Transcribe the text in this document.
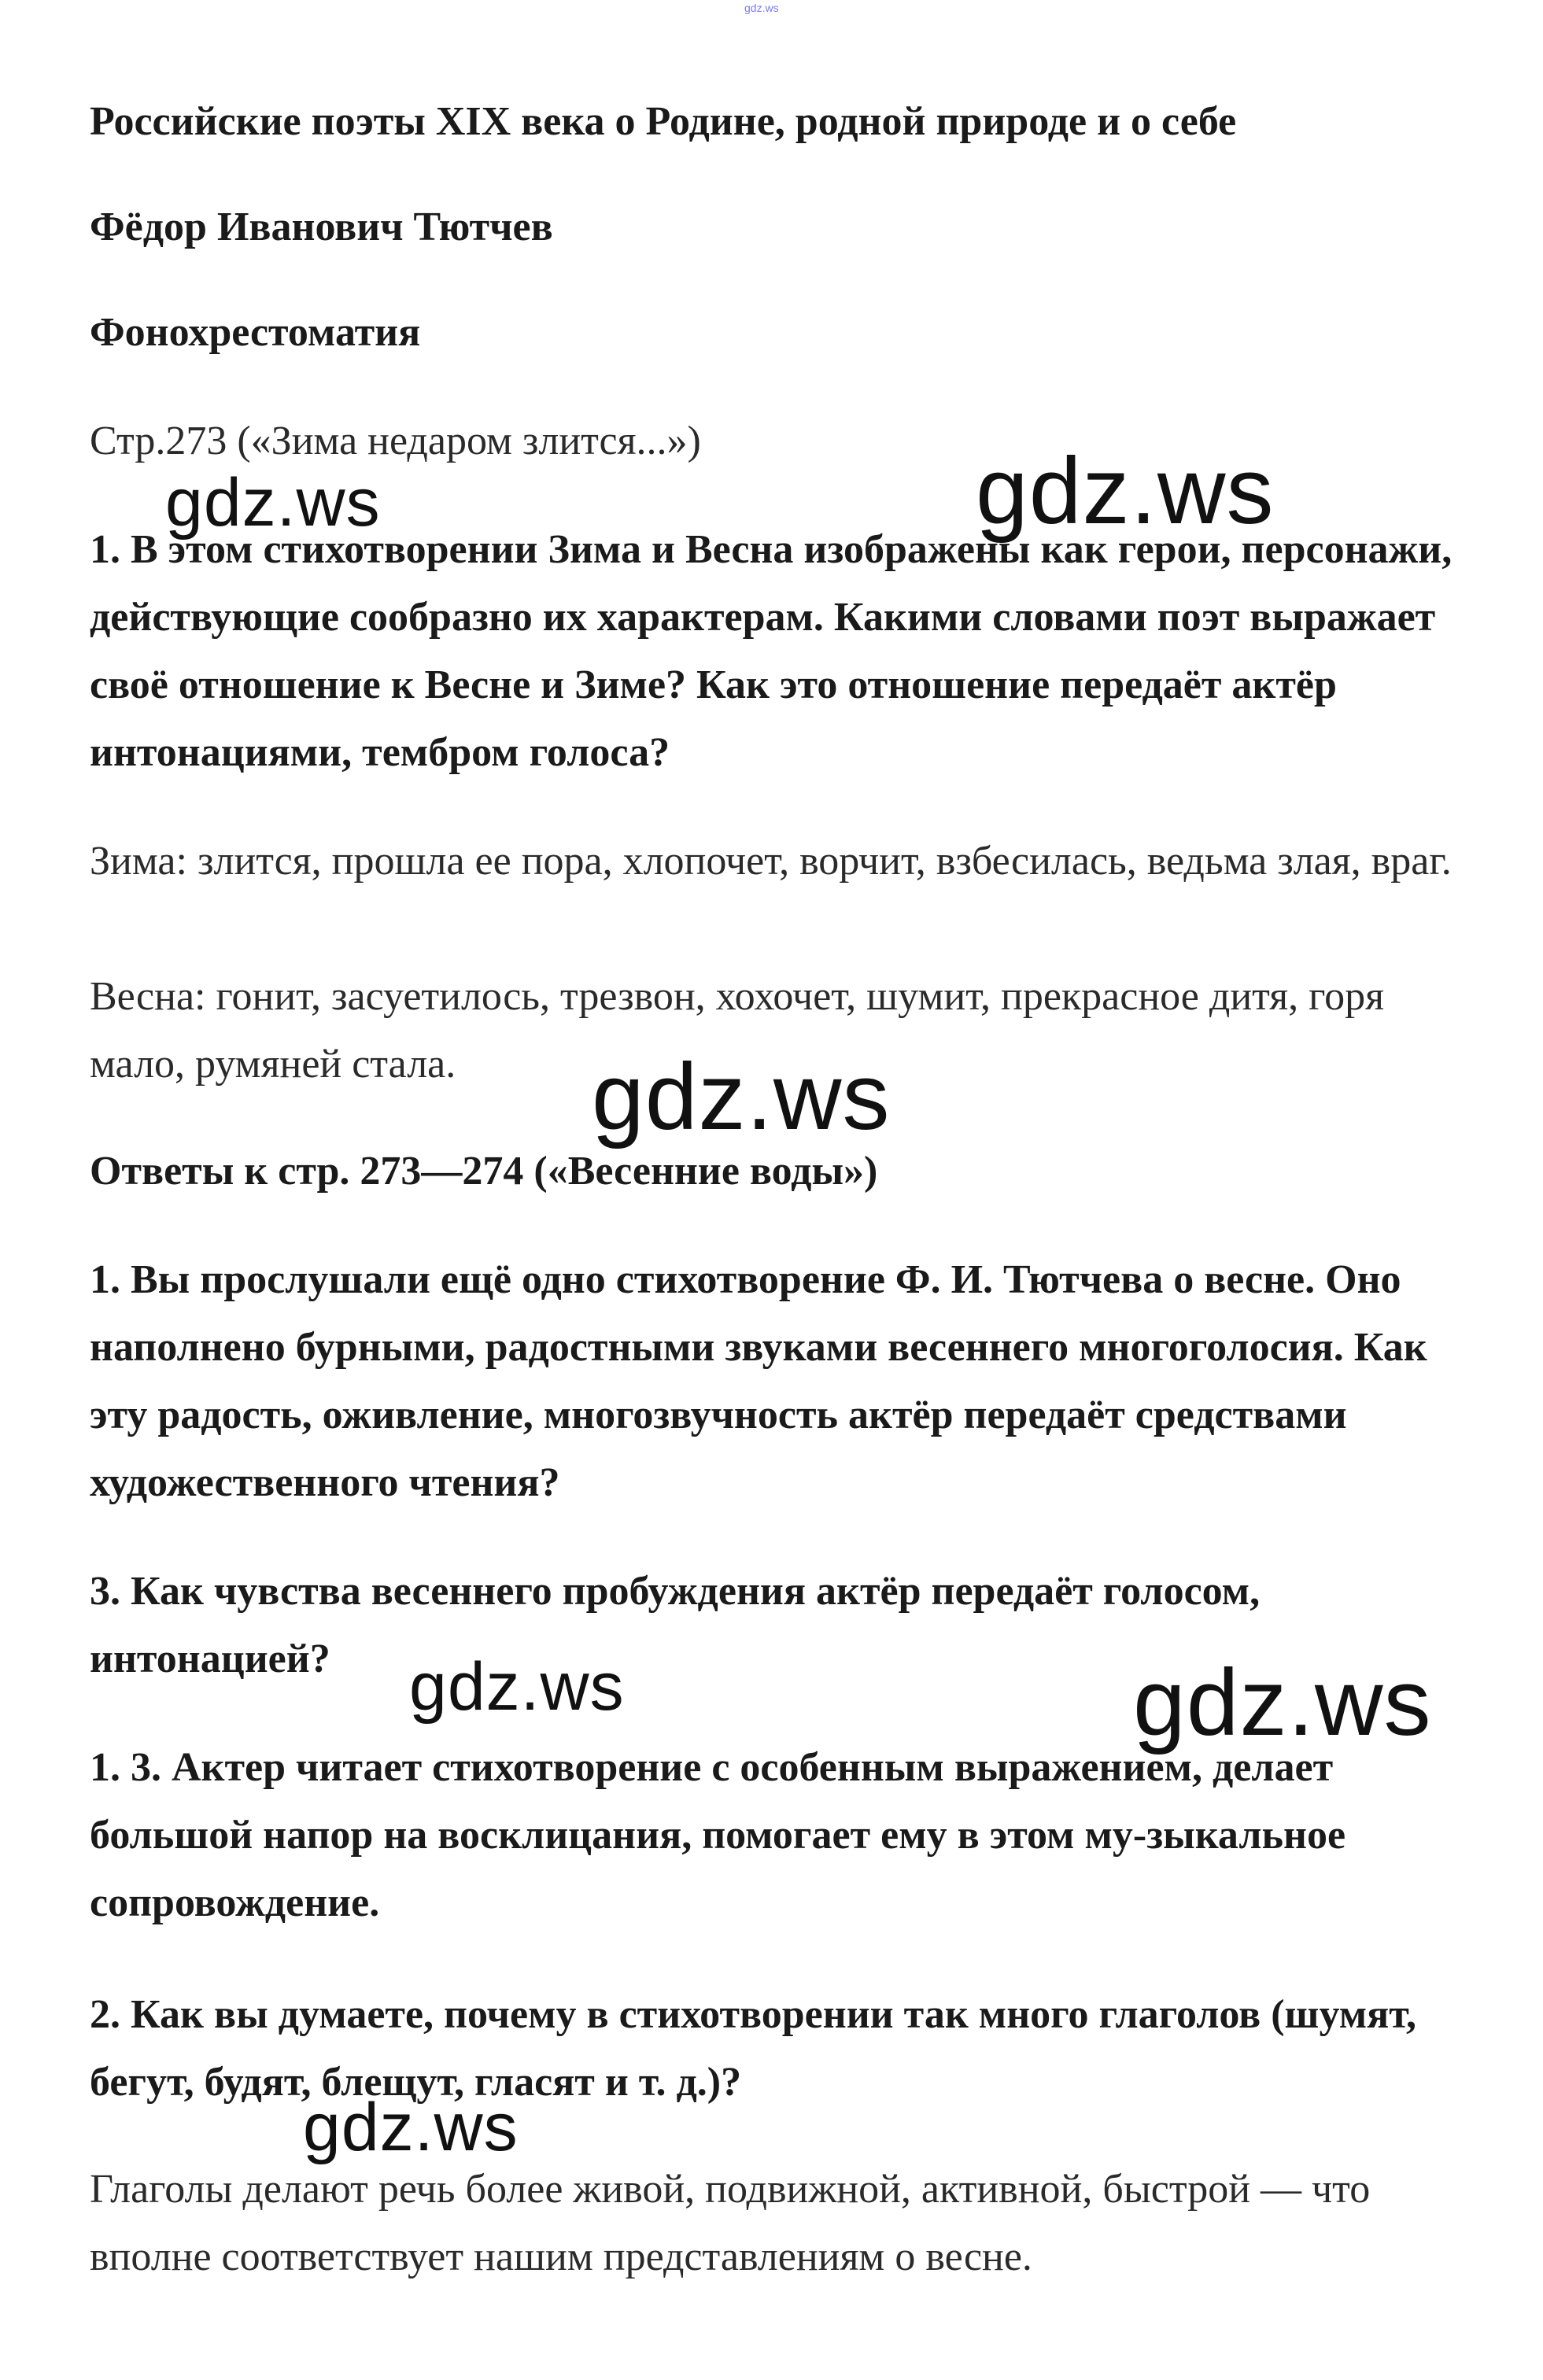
gdz.ws

Российские поэты XIX века о Родине, родной природе и о себе

Фёдор Иванович Тютчев

Фонохрестоматия

Стр.273 («Зима недаром злится...»)

1. В этом стихотворении Зима и Весна изображены как герои, персонажи, действующие сообразно их характерам. Какими словами поэт выражает своё отношение к Весне и Зиме? Как это отношение передаёт актёр интонациями, тембром голоса?

Зима: злится, прошла ее пора, хлопочет, ворчит, взбесилась, ведьма злая, враг.

Весна: гонит, засуетилось, трезвон, хохочет, шумит, прекрасное дитя, горя мало, румяней стала.

Ответы к стр. 273—274 («Весенние воды»)

1. Вы прослушали ещё одно стихотворение Ф. И. Тютчева о весне. Оно наполнено бурными, радостными звуками весеннего многоголосия. Как эту радость, оживление, многозвучность актёр передаёт средствами художественного чтения?

3. Как чувства весеннего пробуждения актёр передаёт голосом, интонацией?

1. 3. Актер читает стихотворение с особенным выражением, делает большой напор на восклицания, помогает ему в этом му-зыкальное сопровождение.

2. Как вы думаете, почему в стихотворении так много глаголов (шумят, бегут, будят, блещут, гласят и т. д.)?

Глаголы делают речь более живой, подвижной, активной, быстрой — что вполне соответствует нашим представлениям о весне.

gdz.ws	gdz.ws
gdz.ws
gdz.ws	gdz.ws
gdz.ws
